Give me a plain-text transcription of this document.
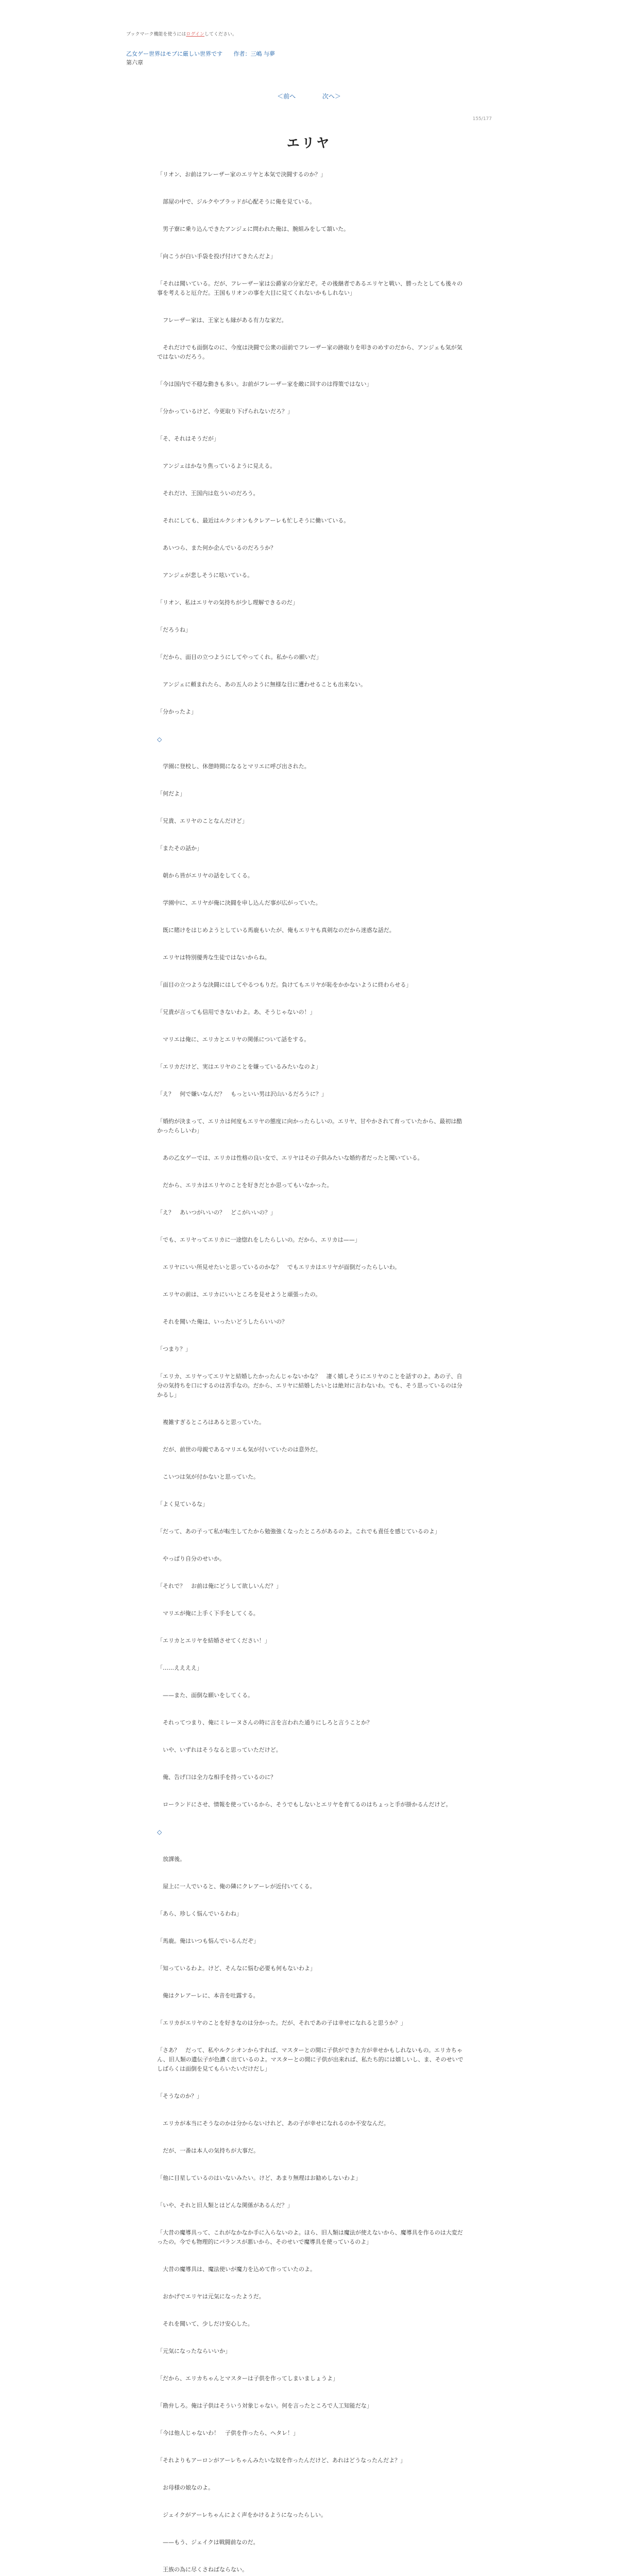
ブックマーク機能を使うにはログインしてください。
乙女ゲー世界はモブに厳しい世界です 作者：三嶋 与夢
第六章
＜前へ	次へ＞
155/177
エリヤ

「リオン、お前はフレーザー家のエリヤと本気で決闘するのか？」

　部屋の中で、ジルクやブラッドが心配そうに俺を見ている。

　男子寮に乗り込んできたアンジェに問われた俺は、腕組みをして頷いた。

「向こうが白い手袋を投げ付けてきたんだよ」

「それは聞いている。だが、フレーザー家は公爵家の分家だぞ。その後継者であるエリヤと戦い、勝ったとしても後々の事を考えると厄介だ。王国もリオンの事を大目に見てくれないかもしれない」

　フレーザー家は、王家とも縁がある有力な家だ。

　それだけでも面倒なのに、今度は決闘で公衆の面前でフレーザー家の跡取りを叩きのめすのだから、アンジェも気が気ではないのだろう。

「今は国内で不穏な動きも多い。お前がフレーザー家を敵に回すのは得策ではない」

「分かっているけど、今更取り下げられないだろ？」

「そ、それはそうだが」

　アンジェはかなり焦っているように見える。

　それだけ、王国内は危ういのだろう。

　それにしても、最近はルクシオンもクレアーレも忙しそうに働いている。

　あいつら、また何か企んでいるのだろうか？

　アンジェが悲しそうに呟いている。

「リオン、私はエリヤの気持ちが少し理解できるのだ」

「だろうね」

「だから、面目の立つようにしてやってくれ。私からの願いだ」

　アンジェに頼まれたら、あの五人のように無様な目に遭わせることも出来ない。

「分かったよ」

◇

　学園に登校し、休憩時間になるとマリエに呼び出された。

「何だよ」

「兄貴、エリヤのことなんだけど」

「またその話か」

　朝から皆がエリヤの話をしてくる。

　学園中に、エリヤが俺に決闘を申し込んだ事が広がっていた。

　既に賭けをはじめようとしている馬鹿もいたが、俺もエリヤも真剣なのだから迷惑な話だ。

　エリヤは特別優秀な生徒ではないからね。

「面目の立つような決闘にはしてやるつもりだ。負けてもエリヤが恥をかかないように終わらせる」

「兄貴が言っても信用できないわよ。あ、そうじゃないの！」

　マリエは俺に、エリカとエリヤの関係について話をする。

「エリカだけど、実はエリヤのことを嫌っているみたいなのよ」

「え？　何で嫌いなんだ？　もっといい男は沢山いるだろうに？」

「婚約が決まって、エリカは何度もエリヤの態度に向かったらしいの。エリヤ、甘やかされて育っていたから、最初は酷かったらしいわ」

　あの乙女ゲーでは、エリカは性格の良い女で、エリヤはその子供みたいな婚約者だったと聞いている。

　だから、エリカはエリヤのことを好きだとか思ってもいなかった。

「え？　あいつがいいの？　どこがいいの？」

「でも、エリヤってエリカに一途惚れをしたらしいの。だから、エリカは——」

　エリヤにいい所見せたいと思っているのかな？　でもエリカはエリヤが面倒だったらしいわ。

　エリヤの前は、エリカにいいところを見せようと頑張ったの。

　それを聞いた俺は、いったいどうしたらいいの？

「つまり？」

「エリカ、エリヤってエリヤと結婚したかったんじゃないかな？　凄く嬉しそうにエリヤのことを話すのよ。あの子、自分の気持ちを口にするのは苦手なの。だから、エリヤに結婚したいとは絶対に言わないわ。でも、そう思っているのは分かるし」

　複雑すぎるところはあると思っていた。

　だが、前世の母親であるマリエも気が付いていたのは意外だ。

　こいつは気が付かないと思っていた。

「よく見ているな」

「だって、あの子って私が転生してたから勉強強くなったところがあるのよ。これでも責任を感じているのよ」

　やっぱり自分のせいか。

「それで？　お前は俺にどうして欲しいんだ？」

　マリエが俺に上手く下手をしてくる。

「エリカとエリヤを結婚させてください！」

「……ええええ」

　——また、面倒な願いをしてくる。

　それってつまり、俺にミレーヌさんの時に言を言われた通りにしろと言うことか？

　いや、いずれはそうなると思っていただけど。

　俺、告げ口は全力な相手を持っているのに？

　ローランドにさせ、情報を使っているから、そうでもしないとエリヤを育てるのはちょっと手が掛かるんだけど。

◇

　放課後。

　屋上に一人でいると、俺の隣にクレアーレが近付いてくる。

「あら、珍しく悩んでいるわね」

「馬鹿。俺はいつも悩んでいるんだぞ」

「知っているわよ。けど、そんなに悩む必要も何もないわよ」

　俺はクレアーレに、本音を吐露する。

「エリカがエリヤのことを好きなのは分かった。だが、それであの子は幸せになれると思うか？」

「さあ？　だって、私やルクシオンからすれば、マスターとの間に子供ができた方が幸せかもしれないもの。エリカちゃん、旧人類の遺伝子が色濃く出ているのよ。マスターとの間に子供が出来れば、私たち的には嬉しいし、ま、そのせいでしばらくは面倒を見てもらいたいだけだし」

「そうなのか？」

　エリカが本当にそうなのかは分からないけれど、あの子が幸せになれるのか不安なんだ。

　だが、一番は本人の気持ちが大事だ。

「他に目星しているのはいないみたい。けど、あまり無理はお勧めしないわよ」

「いや、それと旧人類とはどんな関係があるんだ？」

「大昔の魔導具って、これがなかなか手に入らないのよ。ほら、旧人類は魔法が使えないから、魔導具を作るのは大変だったの。今でも物理的にバランスが悪いから、そのせいで魔導具を使っているのよ」

　大昔の魔導具は、魔法使いが魔力を込めて作っていたのよ。

　おかげでエリヤは元気になったようだ。

　それを聞いて、少しだけ安心した。

「元気になったならいいか」

「だから、エリカちゃんとマスターは子供を作ってしまいましょうよ」

「勘弁しろ。俺は子供はそういう対象じゃない。何を言ったところで人工知能だな」

「今は他人じゃないわ！　子供を作ったら、ヘタレ！」

「それよりもアーロンがアーレちゃんみたいな奴を作ったんだけど、あれはどうなったんだよ？」

　お母様の娘なのよ。

　ジェイクがアーレちゃんによく声をかけるようになったらしい。

　——もう、ジェイクは戦闘前なのだ。

　王族の為に尽くさねばならない。
